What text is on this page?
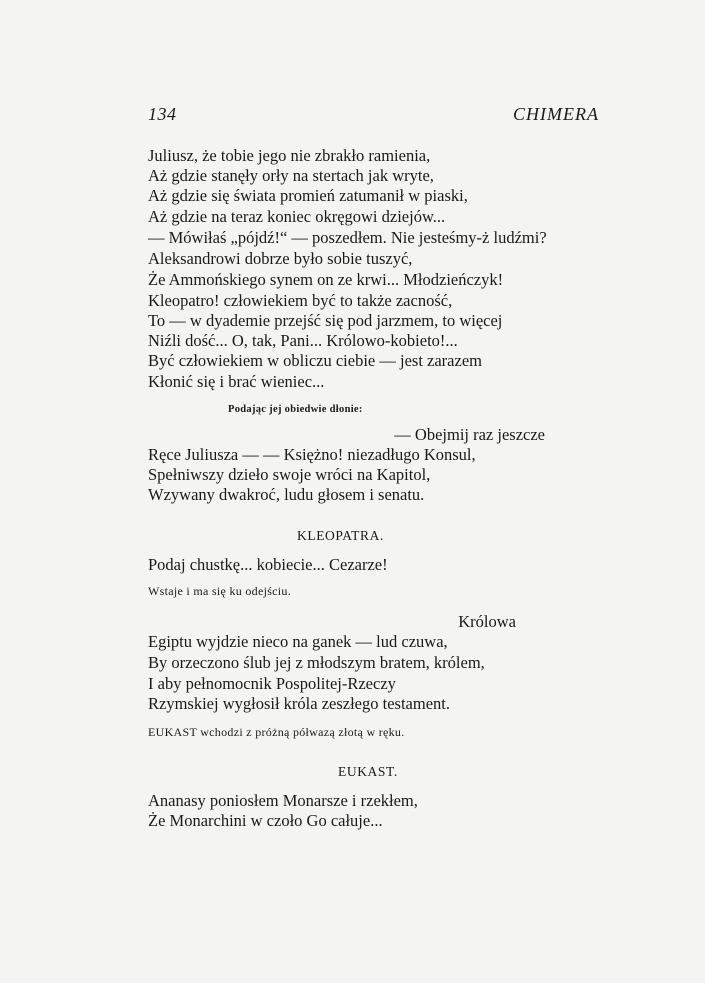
134	CHIMERA
Juliusz, że tobie jego nie zbrakło ramienia,
Aż gdzie stanęły orły na stertach jak wryte,
Aż gdzie się świata promień zatumanił w piaski,
Aż gdzie na teraz koniec okręgowi dziejów...
— Mówiłaś „pójdź!“ — poszedłem. Nie jesteśmy-ż ludźmi?
Aleksandrowi dobrze było sobie tuszyć,
Że Ammońskiego synem on ze krwi... Młodzieńczyk!
Kleopatro! człowiekiem być to także zacność,
To — w dyademie przejść się pod jarzmem, to więcej
Niźli dość... O, tak, Pani... Królowo-kobieto!...
Być człowiekiem w obliczu ciebie — jest zarazem
Kłonić się i brać wieniec...
Podając jej obiedwie dłonie:
— Obejmij raz jeszcze
Ręce Juliusza — — Księżno! niezadługo Konsul,
Spełniwszy dzieło swoje wróci na Kapitol,
Wzywany dwakroć, ludu głosem i senatu.
KLEOPATRA.
Podaj chustkę... kobiecie... Cezarze!
Wstaje i ma się ku odejściu.
Królowa
Egiptu wyjdzie nieco na ganek — lud czuwa,
By orzeczono ślub jej z młodszym bratem, królem,
I aby pełnomocnik Pospolitej-Rzeczy
Rzymskiej wygłosił króla zeszłego testament.
EUKAST wchodzi z próżną półwazą złotą w ręku.
EUKAST.
Ananasy poniosłem Monarsze i rzekłem,
Że Monarchini w czoło Go całuje...
